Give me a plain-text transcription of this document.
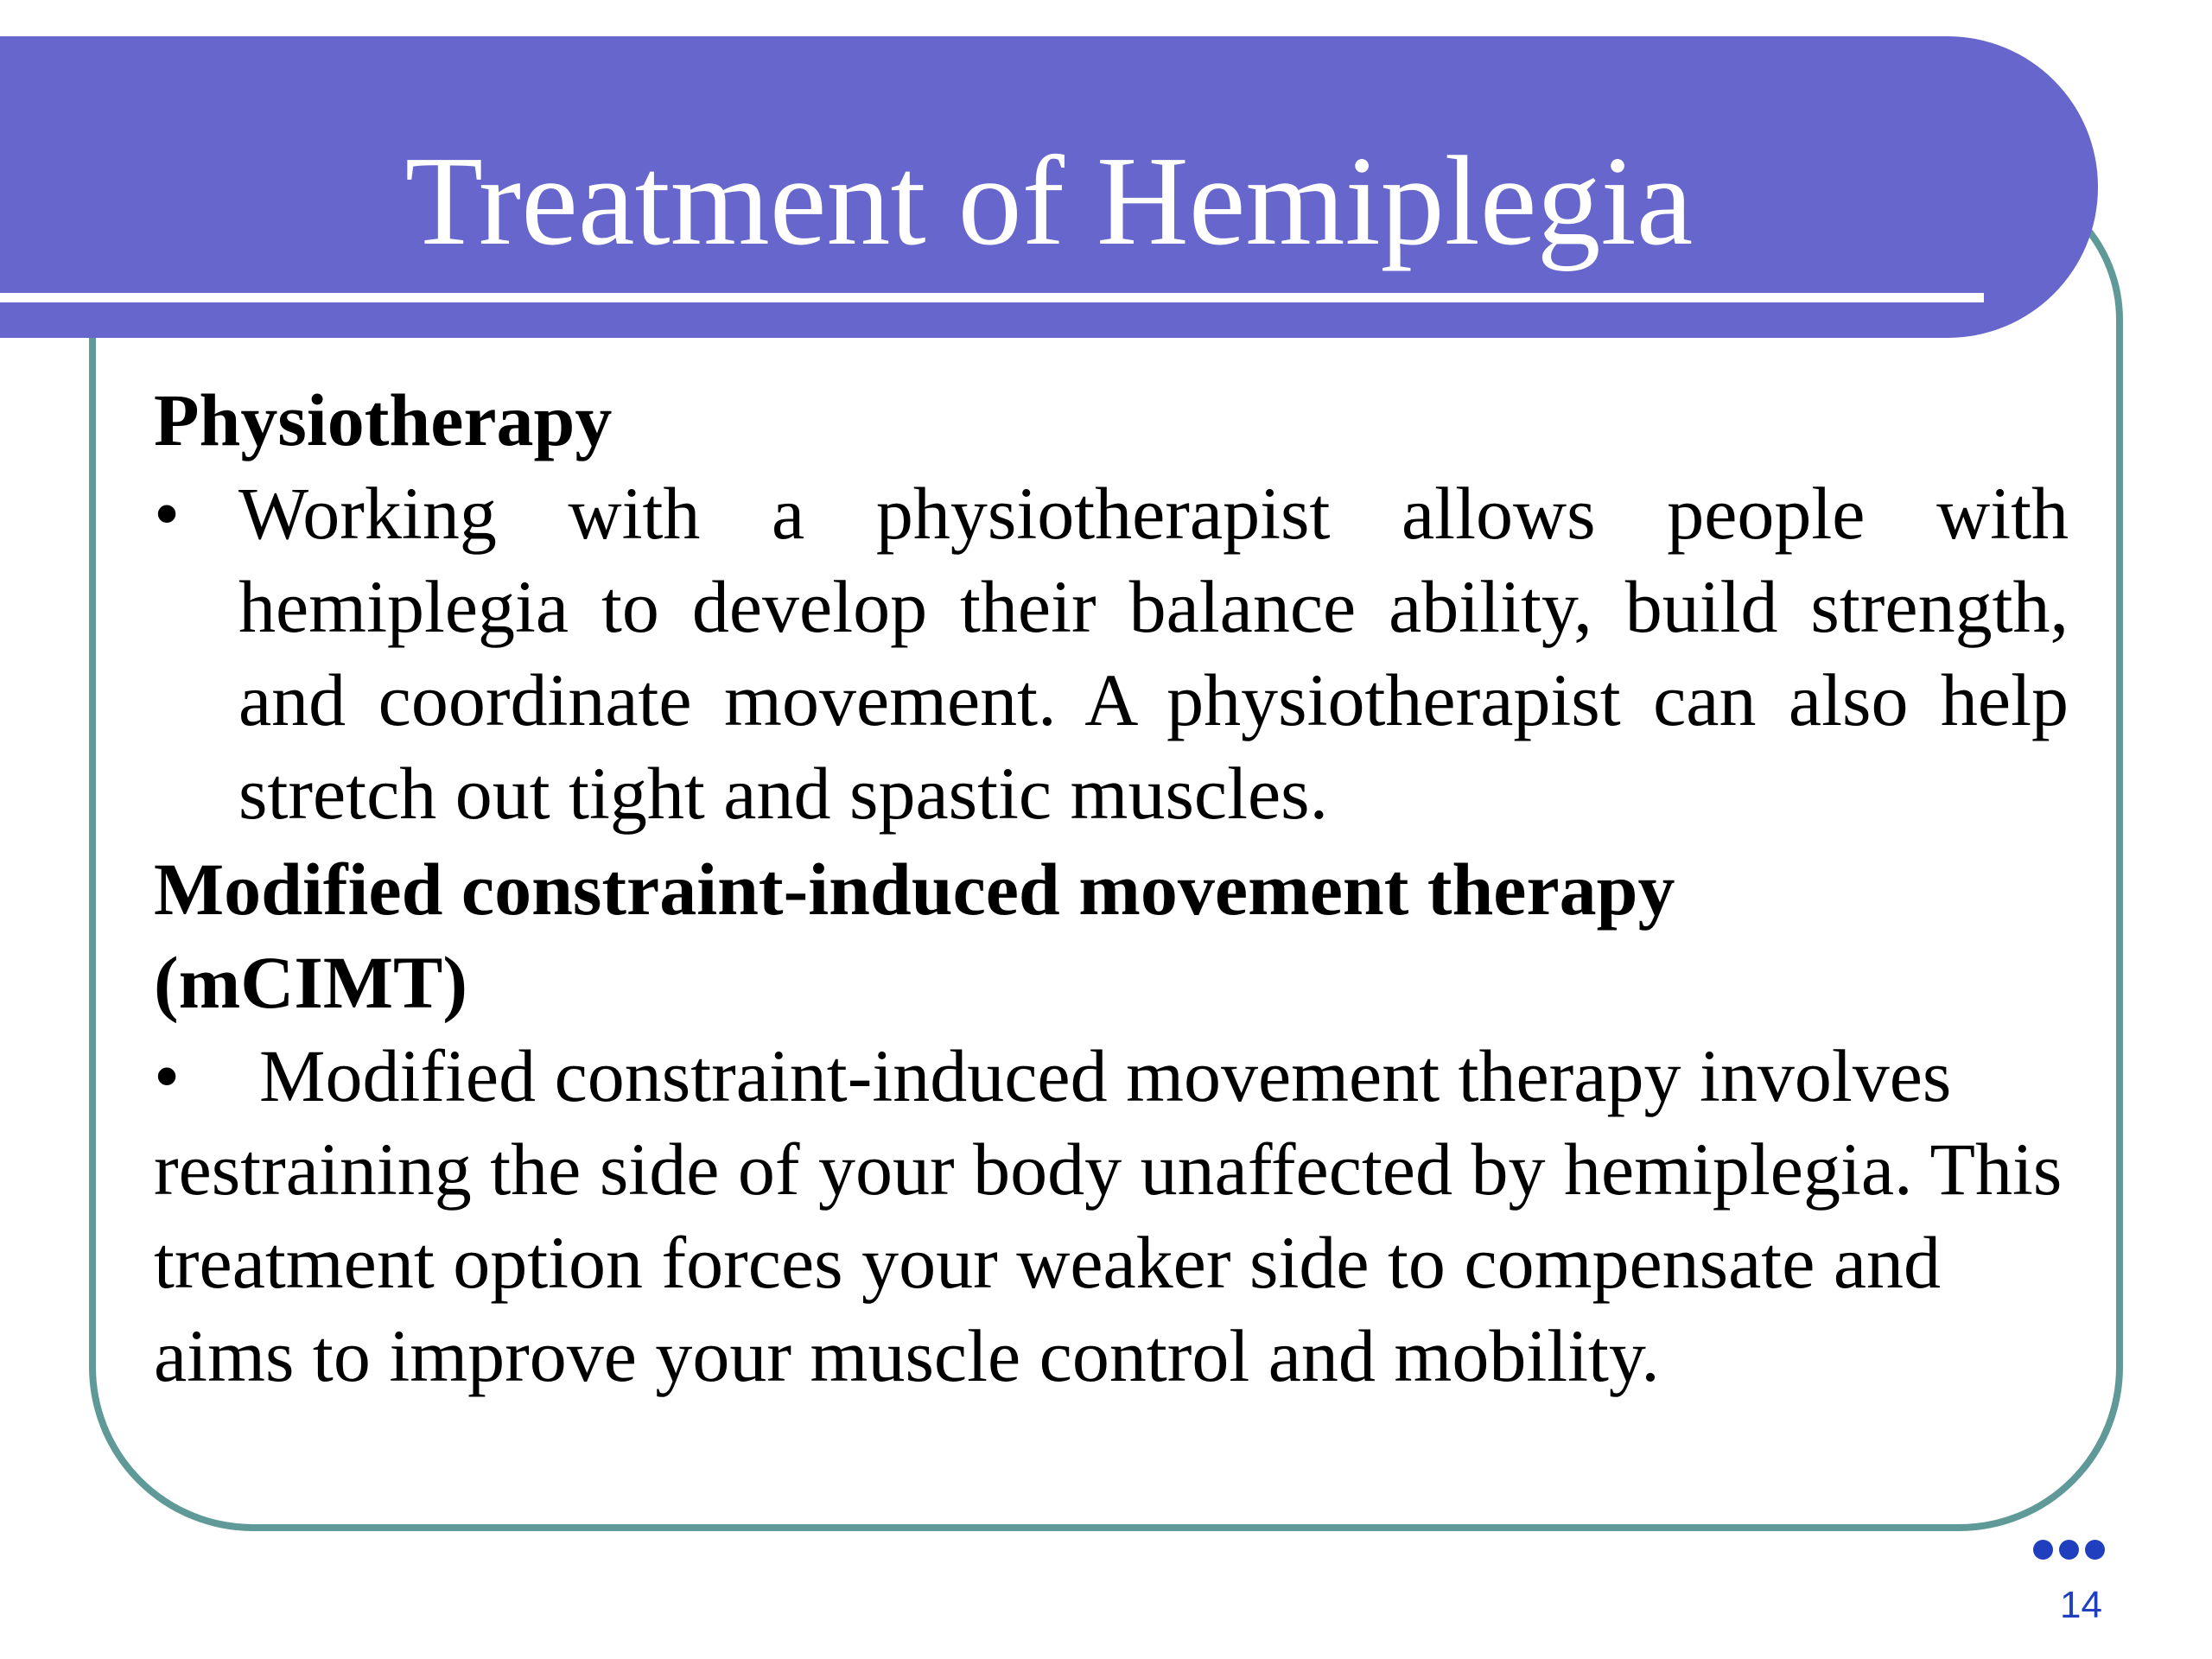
Treatment of Hemiplegia

Physiotherapy

• Working with a physiotherapist allows people with hemiplegia to develop their balance ability, build strength, and coordinate movement. A physiotherapist can also help stretch out tight and spastic muscles.

Modified constraint-induced movement therapy

(mCIMT)

•	Modified constraint-induced movement therapy involves restraining the side of your body unaffected by hemiplegia. This treatment option forces your weaker side to compensate and aims to improve your muscle control and mobility.

14
